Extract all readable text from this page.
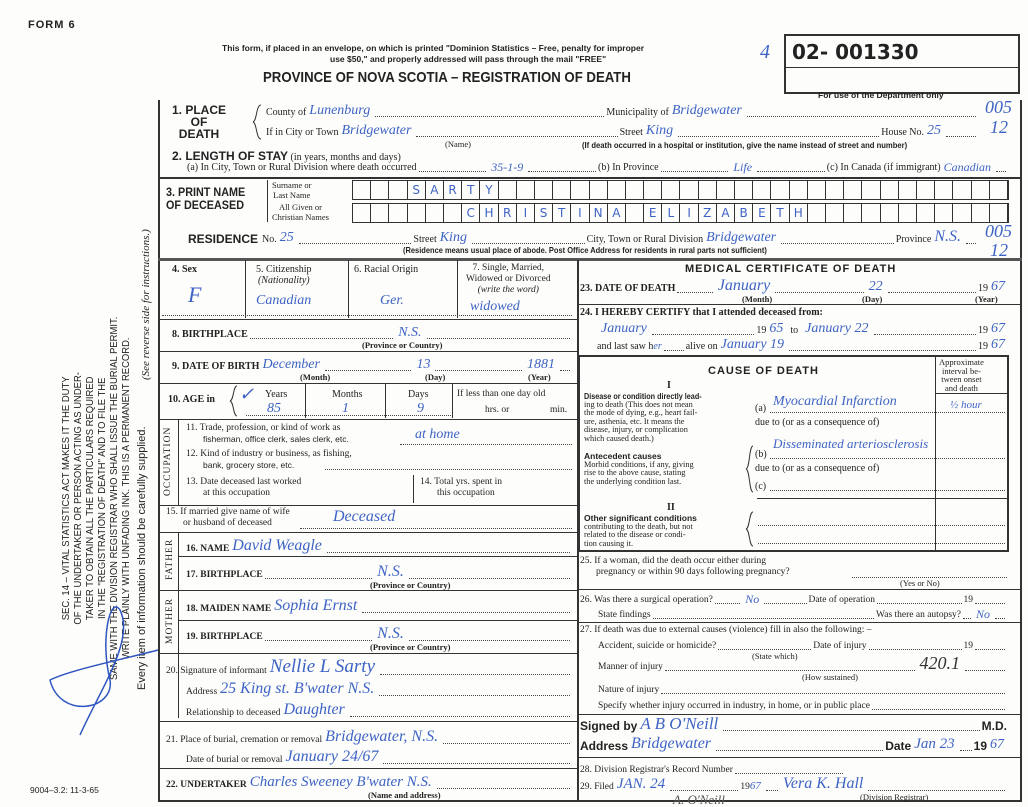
FORM 6
This form, if placed in an envelope, on which is printed "Dominion Statistics – Free, penalty for improper
use $50," and properly addressed will pass through the mail "FREE"
PROVINCE OF NOVA SCOTIA – REGISTRATION OF DEATH
4 02- 001330
For use of the Department only
005
12
SEC. 14 – VITAL STATISTICS ACT MAKES IT THE DUTY OF THE UNDERTAKER OR PERSON ACTING AS UNDER- TAKER TO OBTAIN ALL THE PARTICULARS REQUIRED IN THE "REGISTRATION OF DEATH" AND TO FILE THE SAME WITH THE DIVISION REGISTRAR WHO SHALL ISSUE THE BURIAL PERMIT. WRITE PLAINLY WITH UNFADING INK. THIS IS A PERMANENT RECORD. Every item of information should be carefully supplied.
(See reverse side for instructions.)
9004–3.2: 11-3-65
1. PLACE
OF
DEATH
County of Lunenburg	Municipality of Bridgewater
If in City or Town Bridgewater	Street King	House No. 25
(Name)	(If death occurred in a hospital or institution, give the name instead of street and number)
2. LENGTH OF STAY (in years, months and days)
(a) In City, Town or Rural Division where death occurred	35-1-9	(b) In Province	Life	(c) In Canada (if immigrant) Canadian
3. PRINT NAME
OF DECEASED
Surname or
Last Name
All Given or
Christian Names
S A R T Y
C H R	I	S T	I N A	E L	I	Z A B E T H
RESIDENCE No. 25	Street King	City, Town or Rural Division Bridgewater	Province N.S. 005
12
(Residence means usual place of abode. Post Office Address for residents in rural parts not sufficient)
4. Sex
F
5. Citizenship
(Nationality)
Canadian
6. Racial Origin
Ger.
7. Single, Married,
Widowed or Divorced
(write the word)
widowed
8. BIRTHPLACE	N.S.
(Province or Country)
9. DATE OF BIRTH December	13	1881
(Month)	(Day)	(Year)
10. AGE in ✓ Years
85
Months
1
Days
9
If less than one day old
hrs. or	min.
OCCUPATION 11. Trade, profession, or kind of work as
fisherman, office clerk, sales clerk, etc.	at home
12. Kind of industry or business, as fishing,
bank, grocery store, etc.
13. Date deceased last worked
at this occupation
14. Total yrs. spent in
this occupation
15. If married give name of wife
or husband of deceased	Deceased
FATHER 16. NAME David Weagle
17. BIRTHPLACE	N.S.
(Province or Country)
MOTHER 18. MAIDEN NAME Sophia Ernst
19. BIRTHPLACE	N.S.
(Province or Country)
20. Signature of informant Nellie L Sarty
Address 25 King st. B'water N.S.
Relationship to deceased Daughter
21. Place of burial, cremation or removal Bridgewater, N.S.
Date of burial or removal January 24/67
22. UNDERTAKER Charles Sweeney B'water N.S.
(Name and address)
MEDICAL CERTIFICATE OF DEATH
23. DATE OF DEATH	January	22	19 67
(Month)	(Day)	(Year)
24. I HEREBY CERTIFY that I attended deceased from:
January	19 65 to January 22	19 67
and last saw h er alive on January 19	19 67
CAUSE OF DEATH
Approximate
interval be-
tween onset
and death
I
Disease or condition directly lead-
ing to death (This does not mean
the mode of dying, e.g., heart fail-
ure, asthenia, etc. It means the
disease, injury, or complication
which caused death.)
(a) Myocardial Infarction	½ hour
due to (or as a consequence of)
Antecedent causes
Morbid conditions, if any, giving
rise to the above cause, stating
the underlying condition last.
(b)
Disseminated arteriosclerosis
due to (or as a consequence of)
(c)
II
Other significant conditions
contributing to the death, but not
related to the disease or condi-
tion causing it.
25. If a woman, did the death occur either during
pregnancy or within 90 days following pregnancy?
(Yes or No)
26. Was there a surgical operation?	No	Date of operation	19
State findings	Was there an autopsy? No
27. If death was due to external causes (violence) fill in also the following: –
Accident, suicide or homicide?	Date of injury	19
(State which)
Manner of injury	420.1
(How sustained)
Nature of injury
Specify whether injury occurred in industry, in home, or in public place
Signed by A B O'Neill	M.D.
Address Bridgewater	Date Jan 23 19 67
28. Division Registrar's Record Number
29. Filed JAN. 24	19 67 Vera K. Hall
(Division Registrar)
A. O'Neill
